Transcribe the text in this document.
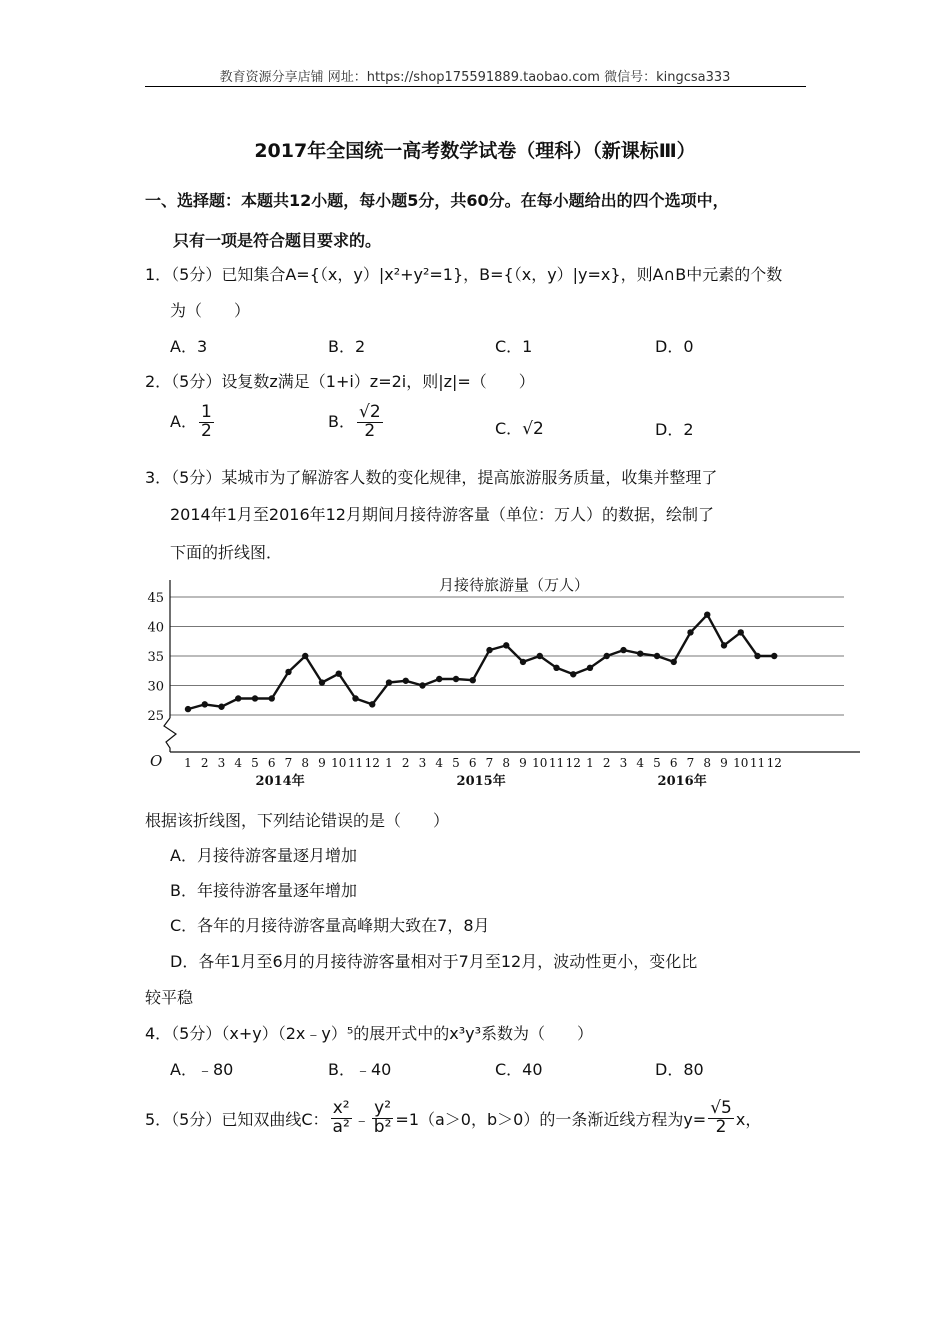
教育资源分享店铺 网址：https://shop175591889.taobao.com 微信号：kingcsa333
2017年全国统一高考数学试卷（理科）（新课标Ⅲ）
一、选择题：本题共12小题，每小题5分，共60分。在每小题给出的四个选项中，
只有一项是符合题目要求的。
1．（5分）已知集合A={（x，y）|x²+y²=1}，B={（x，y）|y=x}，则A∩B中元素的个数
为（　　）
A．3	B．2	C．1	D．0
2．（5分）设复数z满足（1+i）z=2i，则|z|=（　　）
A． $\frac{1}{2}$	B． $\frac{√2}{2}$	C．√2	D．2
3．（5分）某城市为了解游客人数的变化规律，提高旅游服务质量，收集并整理了
2014年1月至2016年12月期间月接待游客量（单位：万人）的数据，绘制了
下面的折线图．
月接待旅游量（万人）
25
30
35
40
45
O 1 2 3 4 5 6 7 8 9 10 11 12 1 2 3 4 5 6 7 8 9 10 11 12 1 2 3 4 5 6 7 8 9 10 11 12
2014年	2015年	2016年
根据该折线图，下列结论错误的是（　　）
A．月接待游客量逐月增加
B．年接待游客量逐年增加
C．各年的月接待游客量高峰期大致在7，8月
D．各年1月至6月的月接待游客量相对于7月至12月，波动性更小，变化比
较平稳
4．（5分）（x+y）（2x﹣y）⁵的展开式中的x³y³系数为（　　）
A．﹣80	B．﹣40	C．40	D．80
5．（5分）已知双曲线C： $\frac{\text{x²}}{\text{a²}}$ ﹣ $\frac{\text{y²}}{\text{b²}} =1(a>0$，b＞0）的一条渐近线方程为$y= \frac{√5}{2}$ x，
